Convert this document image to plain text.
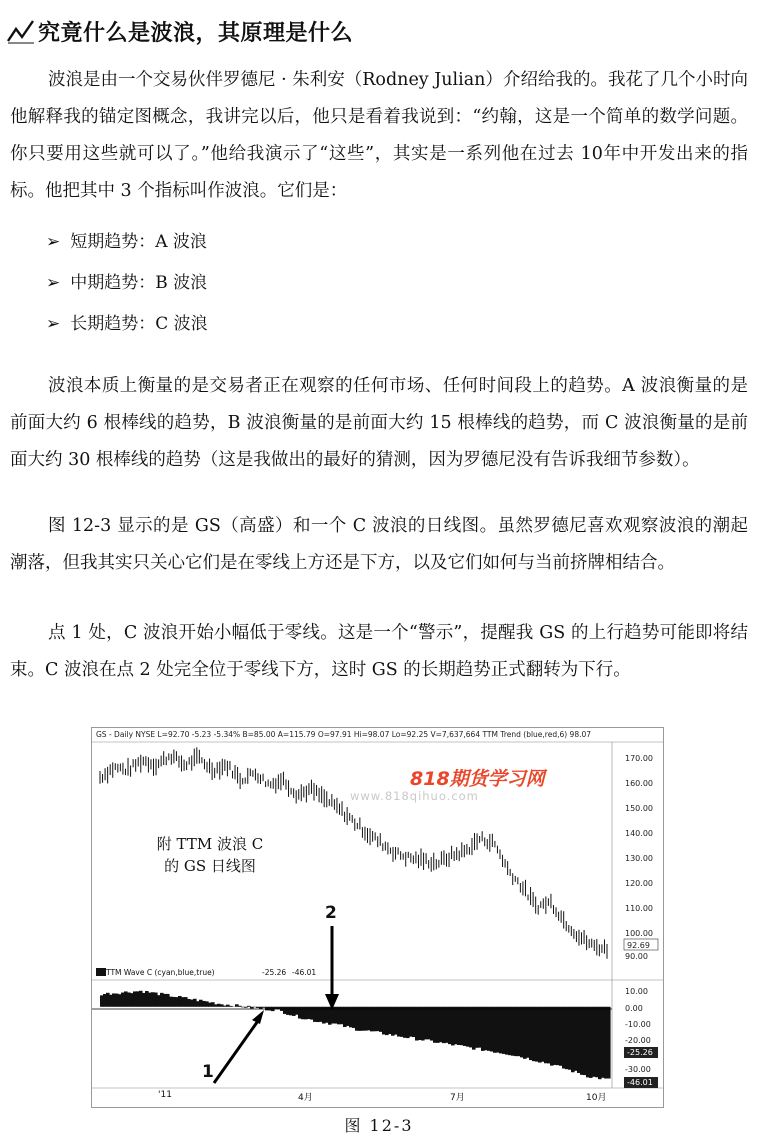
究竟什么是波浪，其原理是什么
波浪是由一个交易伙伴罗德尼 · 朱利安（Rodney Julian）介绍给我的。我花了几个小时向他解释我的锚定图概念，我讲完以后，他只是看着我说到：“约翰，这是一个简单的数学问题。你只要用这些就可以了。”他给我演示了“这些”，其实是一系列他在过去 10年中开发出来的指标。他把其中 3 个指标叫作波浪。它们是：
➢ 短期趋势：A 波浪
➢ 中期趋势：B 波浪
➢ 长期趋势：C 波浪
波浪本质上衡量的是交易者正在观察的任何市场、任何时间段上的趋势。A 波浪衡量的是前面大约 6 根棒线的趋势，B 波浪衡量的是前面大约 15 根棒线的趋势，而 C 波浪衡量的是前面大约 30 根棒线的趋势（这是我做出的最好的猜测，因为罗德尼没有告诉我细节参数）。
图 12-3 显示的是 GS（高盛）和一个 C 波浪的日线图。虽然罗德尼喜欢观察波浪的潮起潮落，但我其实只关心它们是在零线上方还是下方，以及它们如何与当前挤牌相结合。
点 1 处，C 波浪开始小幅低于零线。这是一个“警示”，提醒我 GS 的上行趋势可能即将结束。C 波浪在点 2 处完全位于零线下方，这时 GS 的长期趋势正式翻转为下行。
GS - Daily NYSE L=92.70 -5.23 -5.34% B=85.00 A=115.79 O=97.91 Hi=98.07 Lo=92.25 V=7,637,664 TTM Trend (blue,red,6) 98.07
818期货学习网
www.818qihuo.com
附 TTM 波浪 C
的 GS 日线图
TTM Wave C (cyan,blue,true)	-25.26 -46.01
1
2
170.00
160.00
150.00
140.00
130.00
120.00
110.00
100.00
90.00
92.69
10.00
0.00
-10.00
-20.00
-30.00
-25.26
-46.01
'11	4月	7月	10月
图 12-3
